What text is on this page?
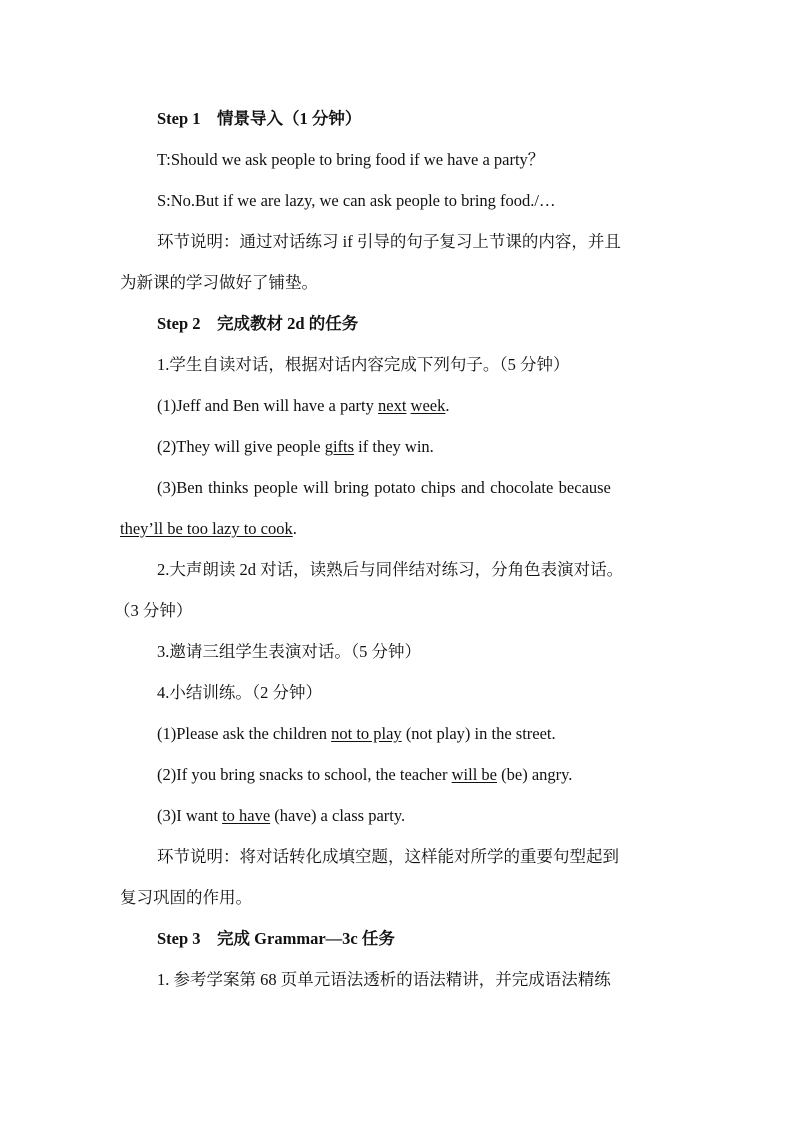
Step 1　情景导入（1 分钟）

T:Should we ask people to bring food if we have a party？

S:No.But if we are lazy, we can ask people to bring food./…

环节说明：通过对话练习 if 引导的句子复习上节课的内容，并且

为新课的学习做好了铺垫。

Step 2　完成教材 2d 的任务

1.学生自读对话，根据对话内容完成下列句子。（5 分钟）

(1)Jeff and Ben will have a party next week.

(2)They will give people gifts if they win.

(3)Ben thinks people will bring potato chips and chocolate because

they’ll be too lazy to cook.

2.大声朗读 2d 对话，读熟后与同伴结对练习，分角色表演对话。

（3 分钟）

3.邀请三组学生表演对话。（5 分钟）

4.小结训练。（2 分钟）

(1)Please ask the children not to play (not play) in the street.

(2)If you bring snacks to school, the teacher will be (be) angry.

(3)I want to have (have) a class party.

环节说明：将对话转化成填空题，这样能对所学的重要句型起到

复习巩固的作用。

Step 3　完成 Grammar—3c 任务

1. 参考学案第 68 页单元语法透析的语法精讲，并完成语法精练
